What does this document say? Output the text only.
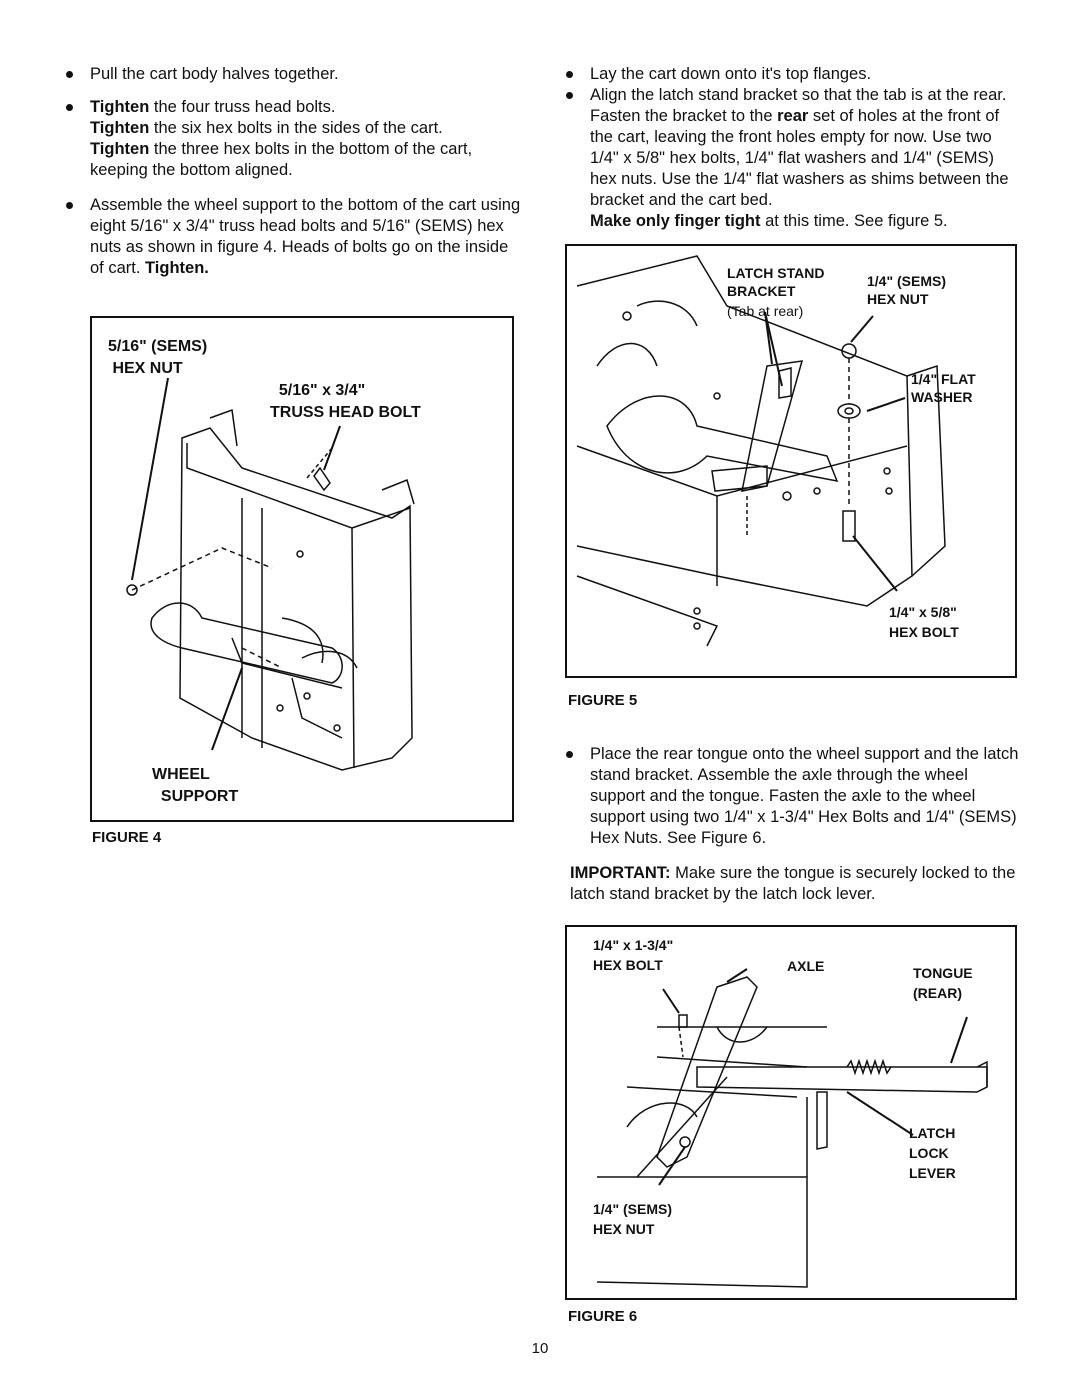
Pull the cart body halves together.
Tighten the four truss head bolts.
Tighten the six hex bolts in the sides of the cart.
Tighten the three hex bolts in the bottom of the cart, keeping the bottom aligned.
Assemble the wheel support to the bottom of the cart using eight 5/16" x 3/4" truss head bolts and 5/16" (SEMS) hex nuts as shown in figure 4. Heads of bolts go on the inside of cart. Tighten.
5/16" (SEMS)
HEX NUT
5/16" x 3/4"
TRUSS HEAD BOLT
WHEEL
SUPPORT
FIGURE 4
Lay the cart down onto it's top flanges.
Align the latch stand bracket so that the tab is at the rear. Fasten the bracket to the rear set of holes at the front of the cart, leaving the front holes empty for now. Use two 1/4" x 5/8" hex bolts, 1/4" flat washers and 1/4" (SEMS) hex nuts. Use the 1/4" flat washers as shims between the bracket and the cart bed.
Make only finger tight at this time. See figure 5.
LATCH STAND
BRACKET
(Tab at rear)
1/4" (SEMS)
HEX NUT
1/4" FLAT
WASHER
1/4" x 5/8"
HEX BOLT
FIGURE 5
Place the rear tongue onto the wheel support and the latch stand bracket. Assemble the axle through the wheel support and the tongue. Fasten the axle to the wheel support using two 1/4" x 1-3/4" Hex Bolts and 1/4" (SEMS) Hex Nuts. See Figure 6.
IMPORTANT: Make sure the tongue is securely locked to the latch stand bracket by the latch lock lever.
1/4" x 1-3/4"
HEX BOLT	AXLE	TONGUE
(REAR)
LATCH
LOCK
LEVER
1/4" (SEMS)
HEX NUT
FIGURE 6
10
